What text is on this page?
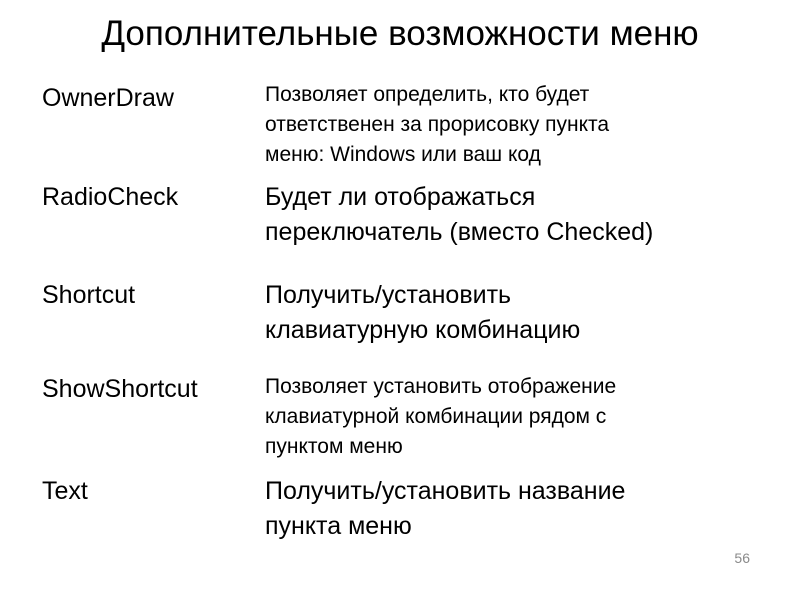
Дополнительные возможности меню
OwnerDraw	Позволяет определить, кто будет
ответственен за прорисовку пункта
меню: Windows или ваш код
RadioCheck	Будет ли отображаться
переключатель (вместо Checked)
Shortcut	Получить/установить
клавиатурную комбинацию
ShowShortcut	Позволяет установить отображение
клавиатурной комбинации рядом с
пунктом меню
Text	Получить/установить название
пункта меню
56
